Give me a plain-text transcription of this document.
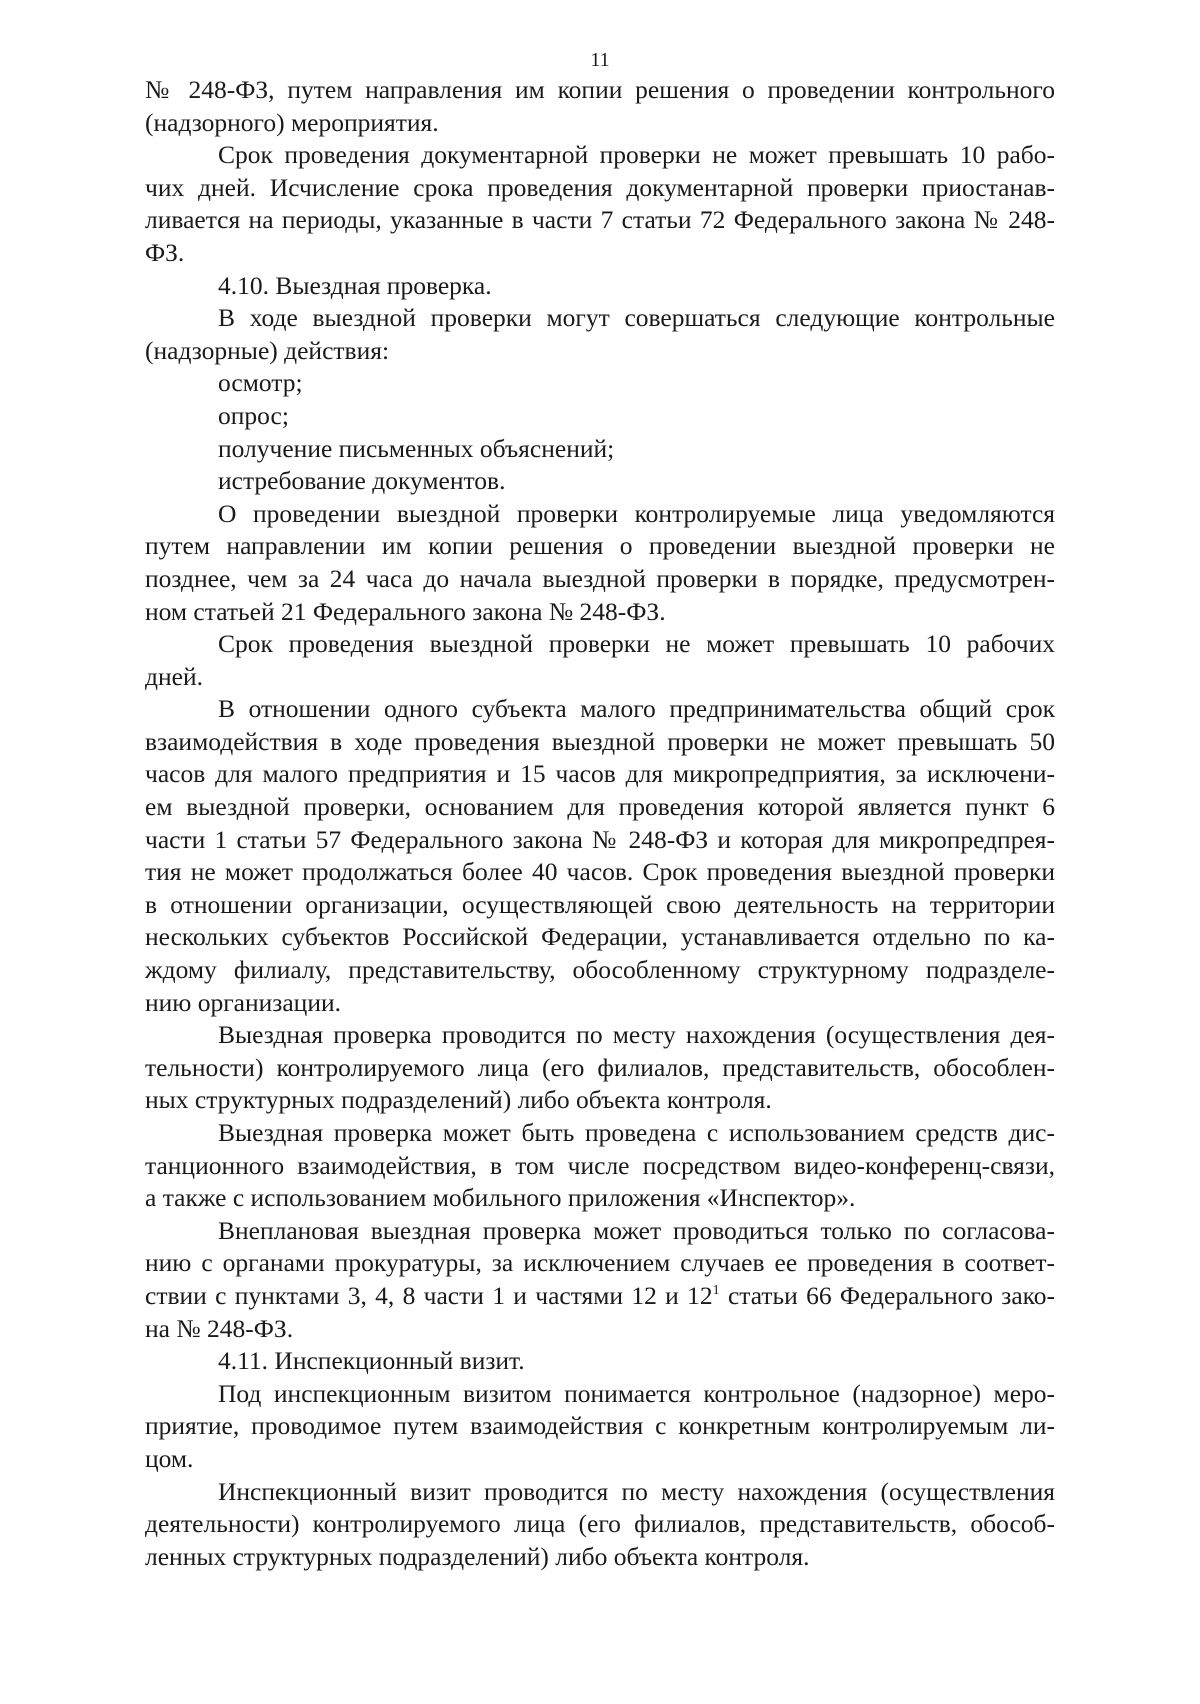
11
№ 248-ФЗ, путем направления им копии решения о проведении контрольного
(надзорного) мероприятия.
Срок проведения документарной проверки не может превышать 10 рабо-
чих дней. Исчисление срока проведения документарной проверки приостанав-
ливается на периоды, указанные в части 7 статьи 72 Федерального закона № 248-
ФЗ.
4.10. Выездная проверка.
В ходе выездной проверки могут совершаться следующие контрольные
(надзорные) действия:
осмотр;
опрос;
получение письменных объяснений;
истребование документов.
О проведении выездной проверки контролируемые лица уведомляются
путем направлении им копии решения о проведении выездной проверки не
позднее, чем за 24 часа до начала выездной проверки в порядке, предусмотрен-
ном статьей 21 Федерального закона № 248-ФЗ.
Срок проведения выездной проверки не может превышать 10 рабочих
дней.
В отношении одного субъекта малого предпринимательства общий срок
взаимодействия в ходе проведения выездной проверки не может превышать 50
часов для малого предприятия и 15 часов для микропредприятия, за исключени-
ем выездной проверки, основанием для проведения которой является пункт 6
части 1 статьи 57 Федерального закона № 248-ФЗ и которая для микропредпрея-
тия не может продолжаться более 40 часов. Срок проведения выездной проверки
в отношении организации, осуществляющей свою деятельность на территории
нескольких субъектов Российской Федерации, устанавливается отдельно по ка-
ждому филиалу, представительству, обособленному структурному подразделе-
нию организации.
Выездная проверка проводится по месту нахождения (осуществления дея-
тельности) контролируемого лица (его филиалов, представительств, обособлен-
ных структурных подразделений) либо объекта контроля.
Выездная проверка может быть проведена с использованием средств дис-
танционного взаимодействия, в том числе посредством видео-конференц-связи,
а также с использованием мобильного приложения «Инспектор».
Внеплановая выездная проверка может проводиться только по согласова-
нию с органами прокуратуры, за исключением случаев ее проведения в соответ-
ствии с пунктами 3, 4, 8 части 1 и частями 12 и $12^1$ статьи 66 Федерального зако-
на № 248-ФЗ.
4.11. Инспекционный визит.
Под инспекционным визитом понимается контрольное (надзорное) меро-
приятие, проводимое путем взаимодействия с конкретным контролируемым ли-
цом.
Инспекционный визит проводится по месту нахождения (осуществления
деятельности) контролируемого лица (его филиалов, представительств, обособ-
ленных структурных подразделений) либо объекта контроля.
